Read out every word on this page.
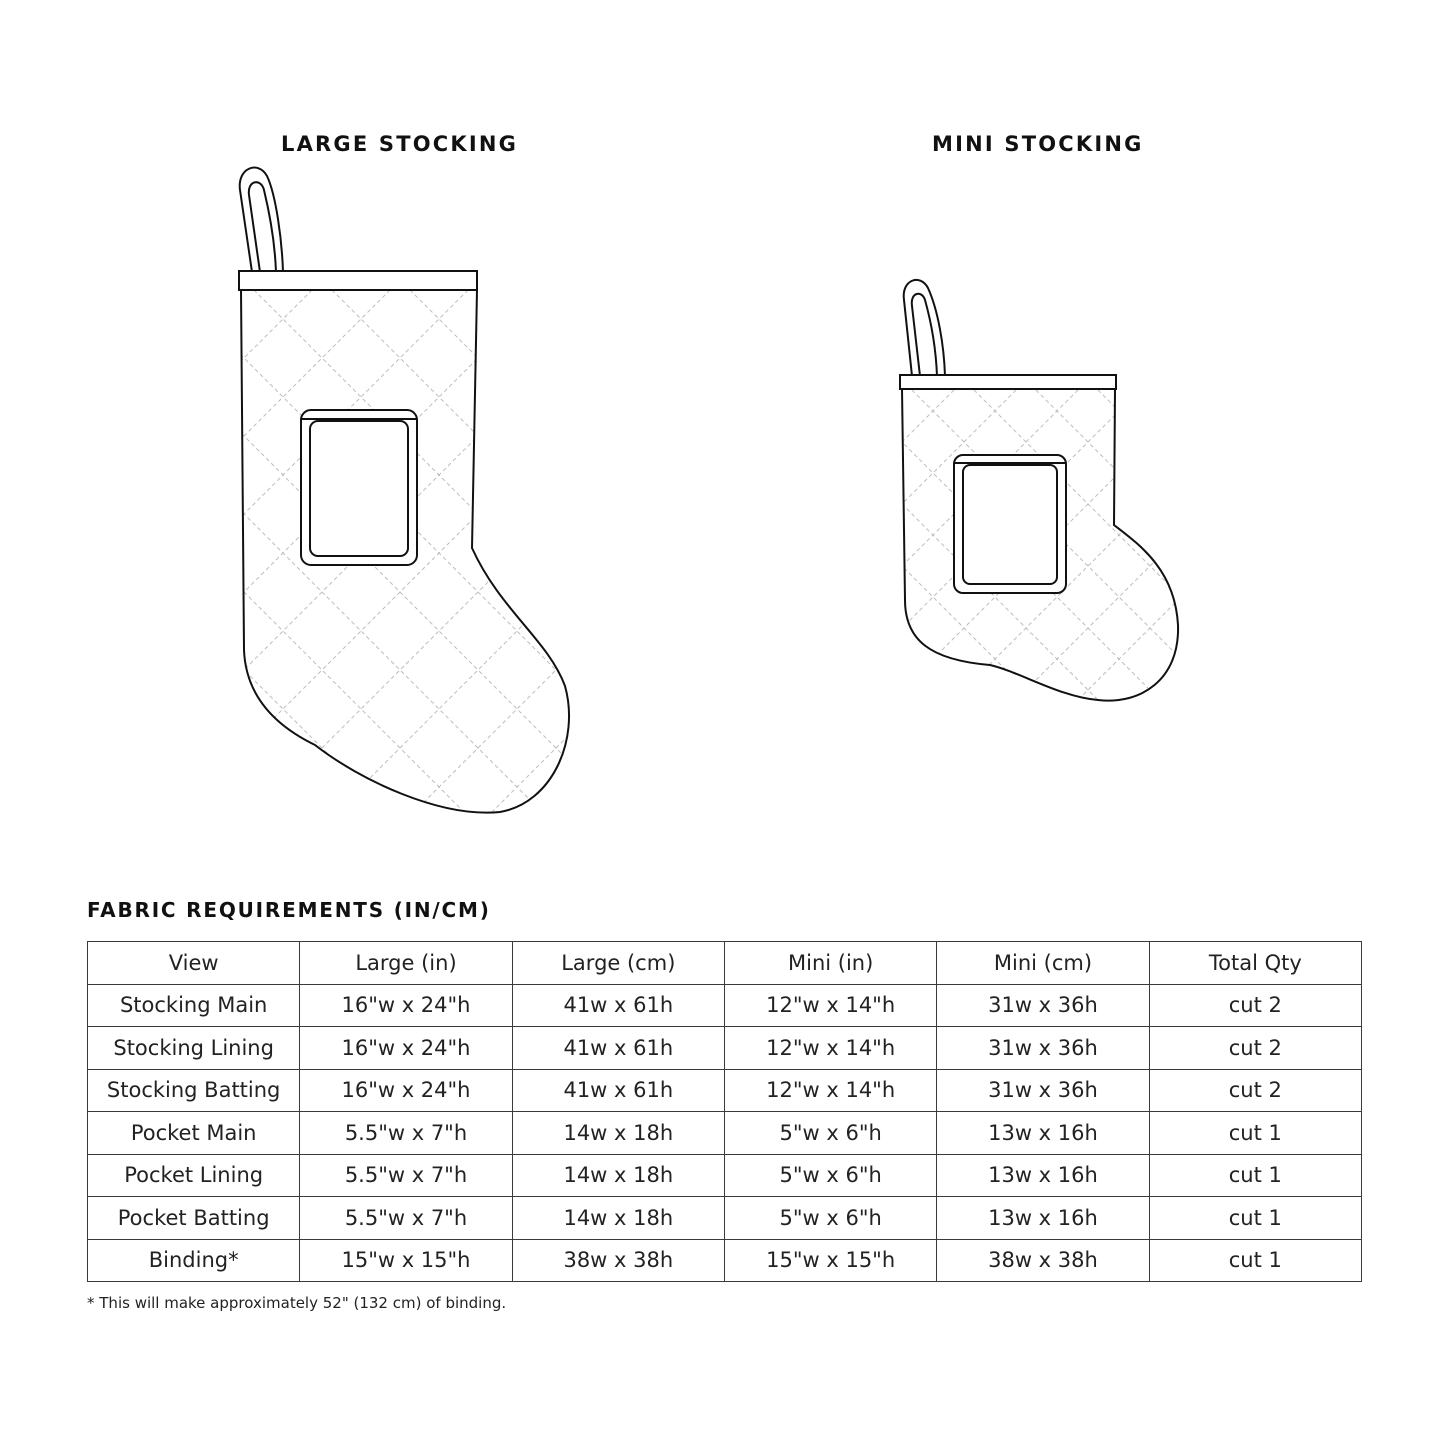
LARGE STOCKING	MINI STOCKING
FABRIC REQUIREMENTS (IN/CM)
View	Large (in)	Large (cm)	Mini (in)	Mini (cm)	Total Qty
Stocking Main	16"w x 24"h	41w x 61h	12"w x 14"h	31w x 36h	cut 2
Stocking Lining	16"w x 24"h	41w x 61h	12"w x 14"h	31w x 36h	cut 2
Stocking Batting	16"w x 24"h	41w x 61h	12"w x 14"h	31w x 36h	cut 2
Pocket Main	5.5"w x 7"h	14w x 18h	5"w x 6"h	13w x 16h	cut 1
Pocket Lining	5.5"w x 7"h	14w x 18h	5"w x 6"h	13w x 16h	cut 1
Pocket Batting	5.5"w x 7"h	14w x 18h	5"w x 6"h	13w x 16h	cut 1
Binding*	15"w x 15"h	38w x 38h	15"w x 15"h	38w x 38h	cut 1
* This will make approximately 52" (132 cm) of binding.
